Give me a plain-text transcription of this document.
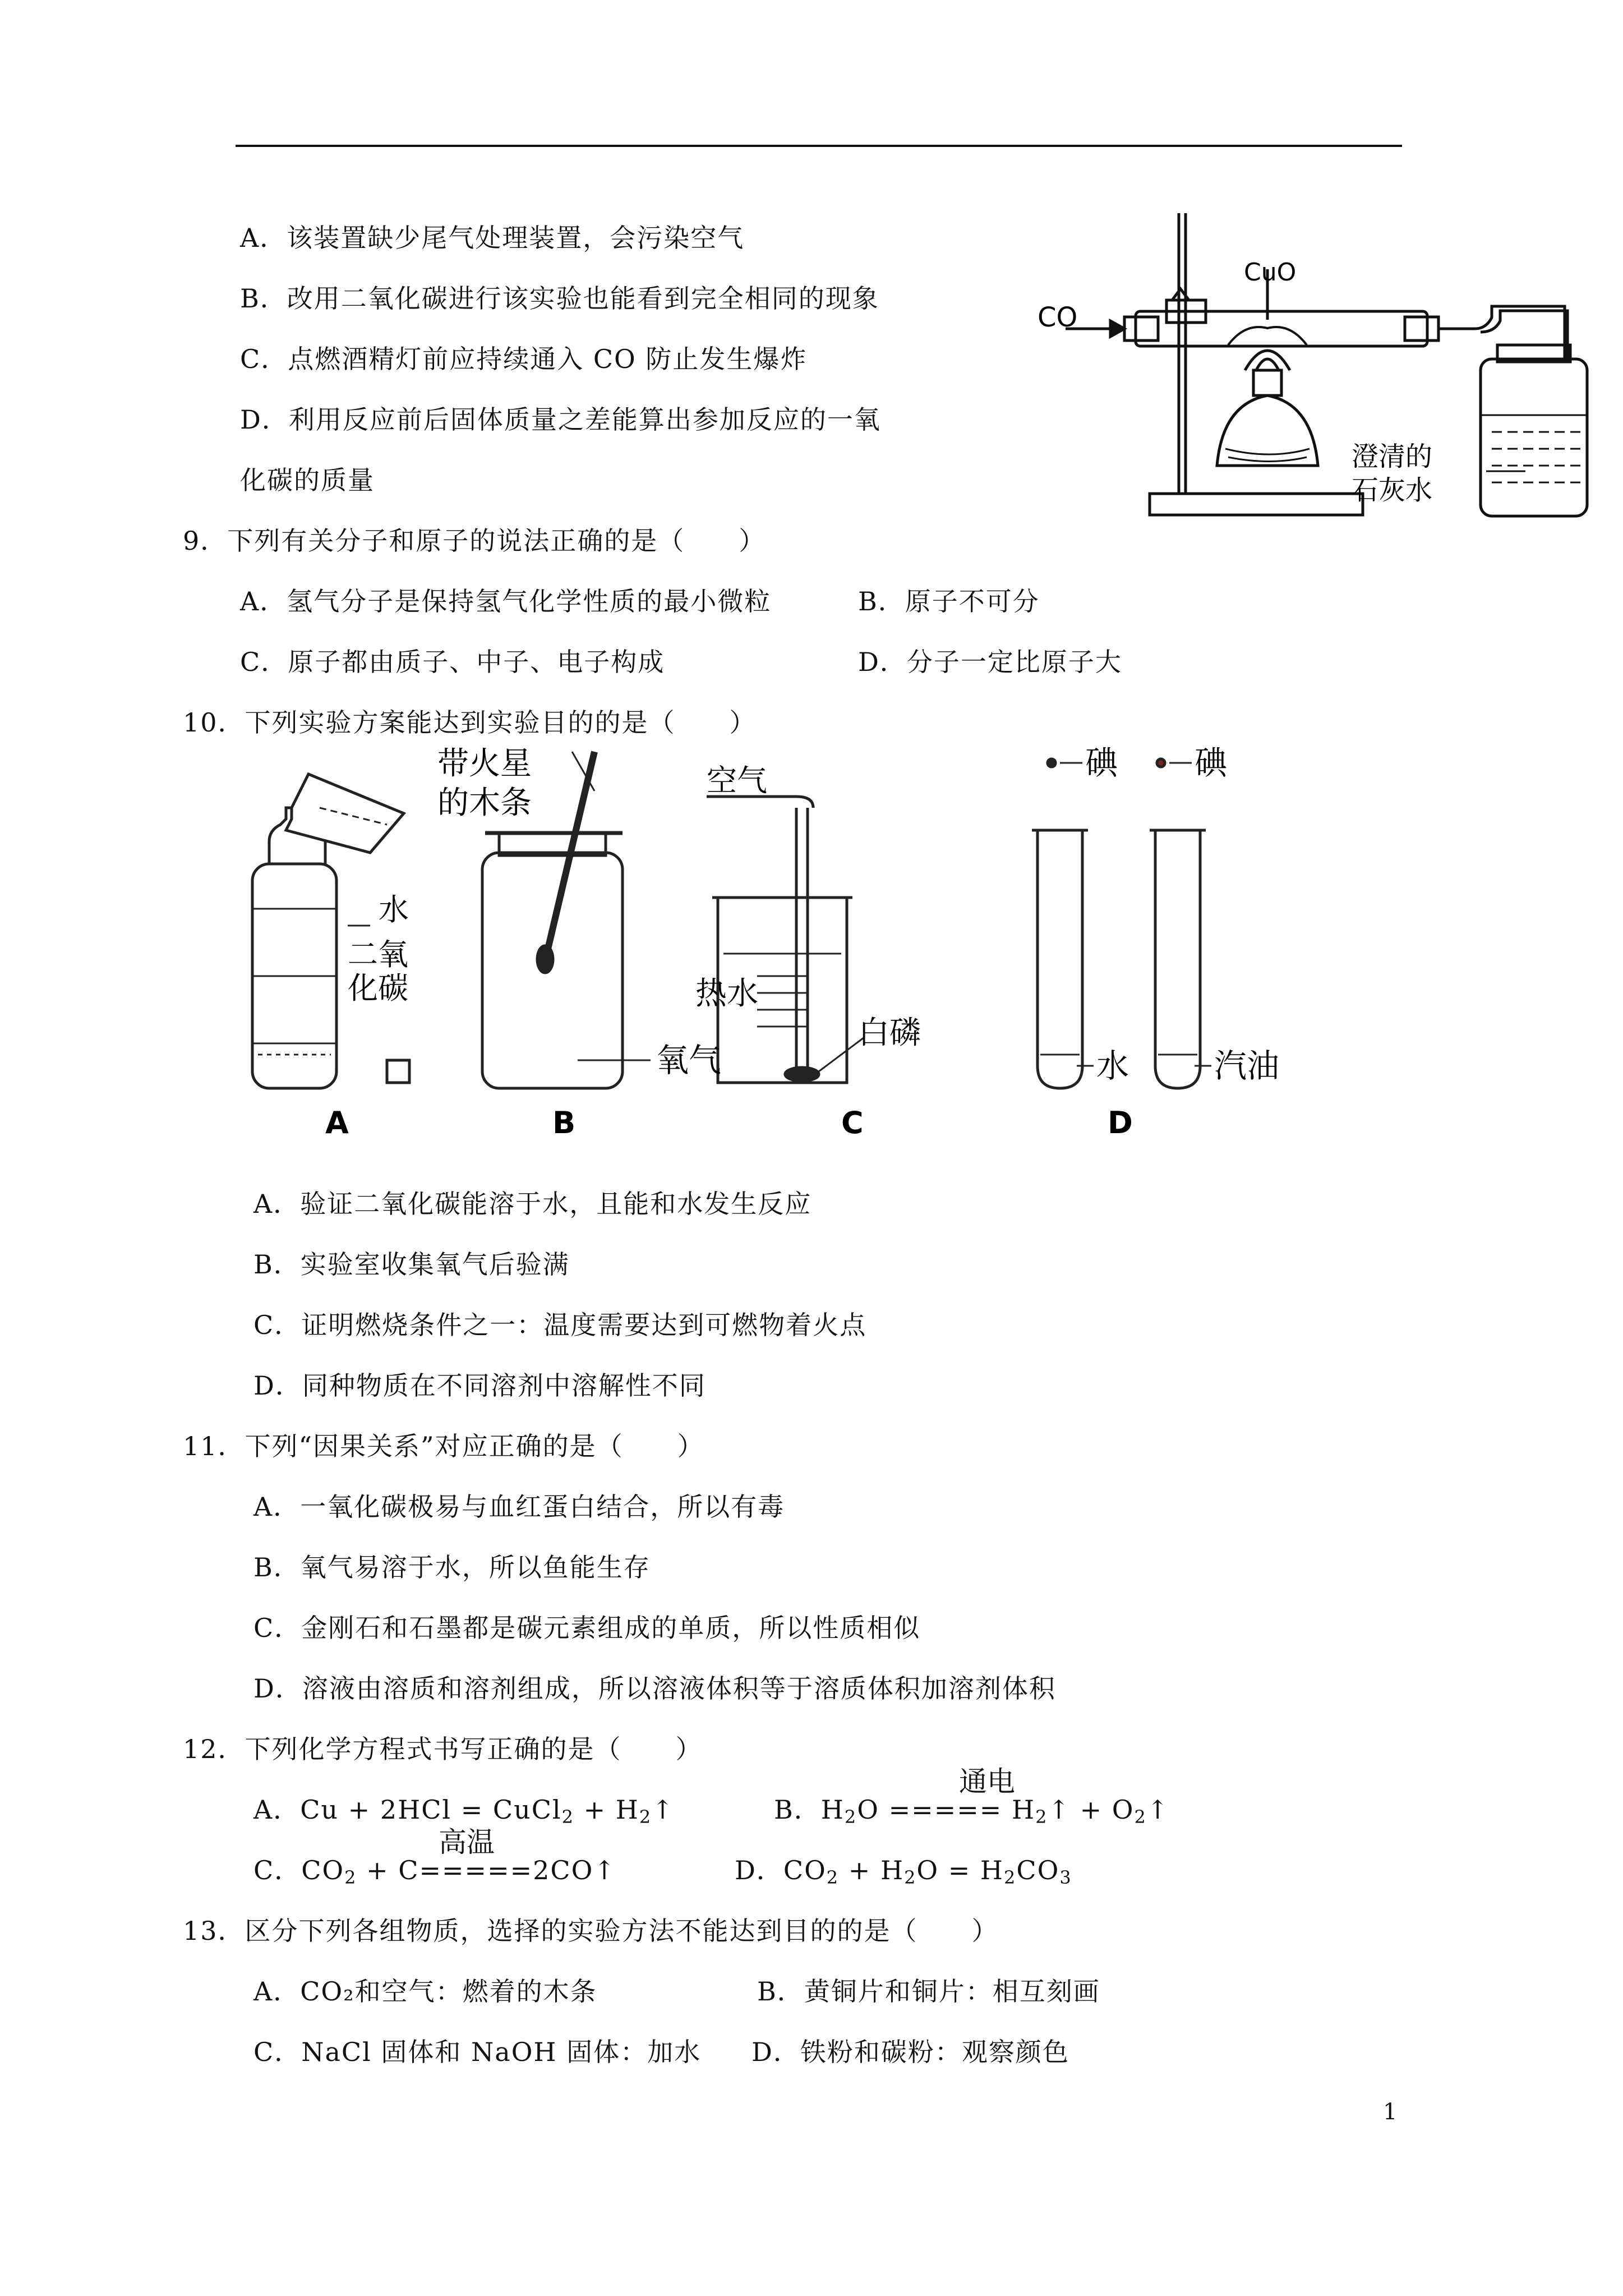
A．该装置缺少尾气处理装置，会污染空气
B．改用二氧化碳进行该实验也能看到完全相同的现象
C．点燃酒精灯前应持续通入 CO 防止发生爆炸
D．利用反应前后固体质量之差能算出参加反应的一氧
化碳的质量
CO
CuO
澄清的
石灰水
9．下列有关分子和原子的说法正确的是（　　）
A．氢气分子是保持氢气化学性质的最小微粒	B．原子不可分
C．原子都由质子、中子、电子构成	D．分子一定比原子大
10．下列实验方案能达到实验目的的是（　　）
水
二氧
化碳
带火星
的木条
氧气
空气
热水
白磷
碘 碘
水	汽油
A	B	C	D
A．验证二氧化碳能溶于水，且能和水发生反应
B．实验室收集氧气后验满
C．证明燃烧条件之一：温度需要达到可燃物着火点
D．同种物质在不同溶剂中溶解性不同
11．下列“因果关系”对应正确的是（　　）
A．一氧化碳极易与血红蛋白结合，所以有毒
B．氧气易溶于水，所以鱼能生存
C．金刚石和石墨都是碳元素组成的单质，所以性质相似
D．溶液由溶质和溶剂组成，所以溶液体积等于溶质体积加溶剂体积
12．下列化学方程式书写正确的是（　　）
通电
A．Cu + 2HCl = CuCl$_2$ + $H_2↑$	B．$H_2O$ ===== $H_2↑$ + $O_2↑$
高温
C．$CO_2$ + C=====2CO↑	D．$CO_2 + H_2O = H_2CO_3$
13．区分下列各组物质，选择的实验方法不能达到目的的是（　　）
A．CO₂和空气：燃着的木条	B．黄铜片和铜片：相互刻画
C．NaCl 固体和 NaOH 固体：加水 D．铁粉和碳粉：观察颜色
1
